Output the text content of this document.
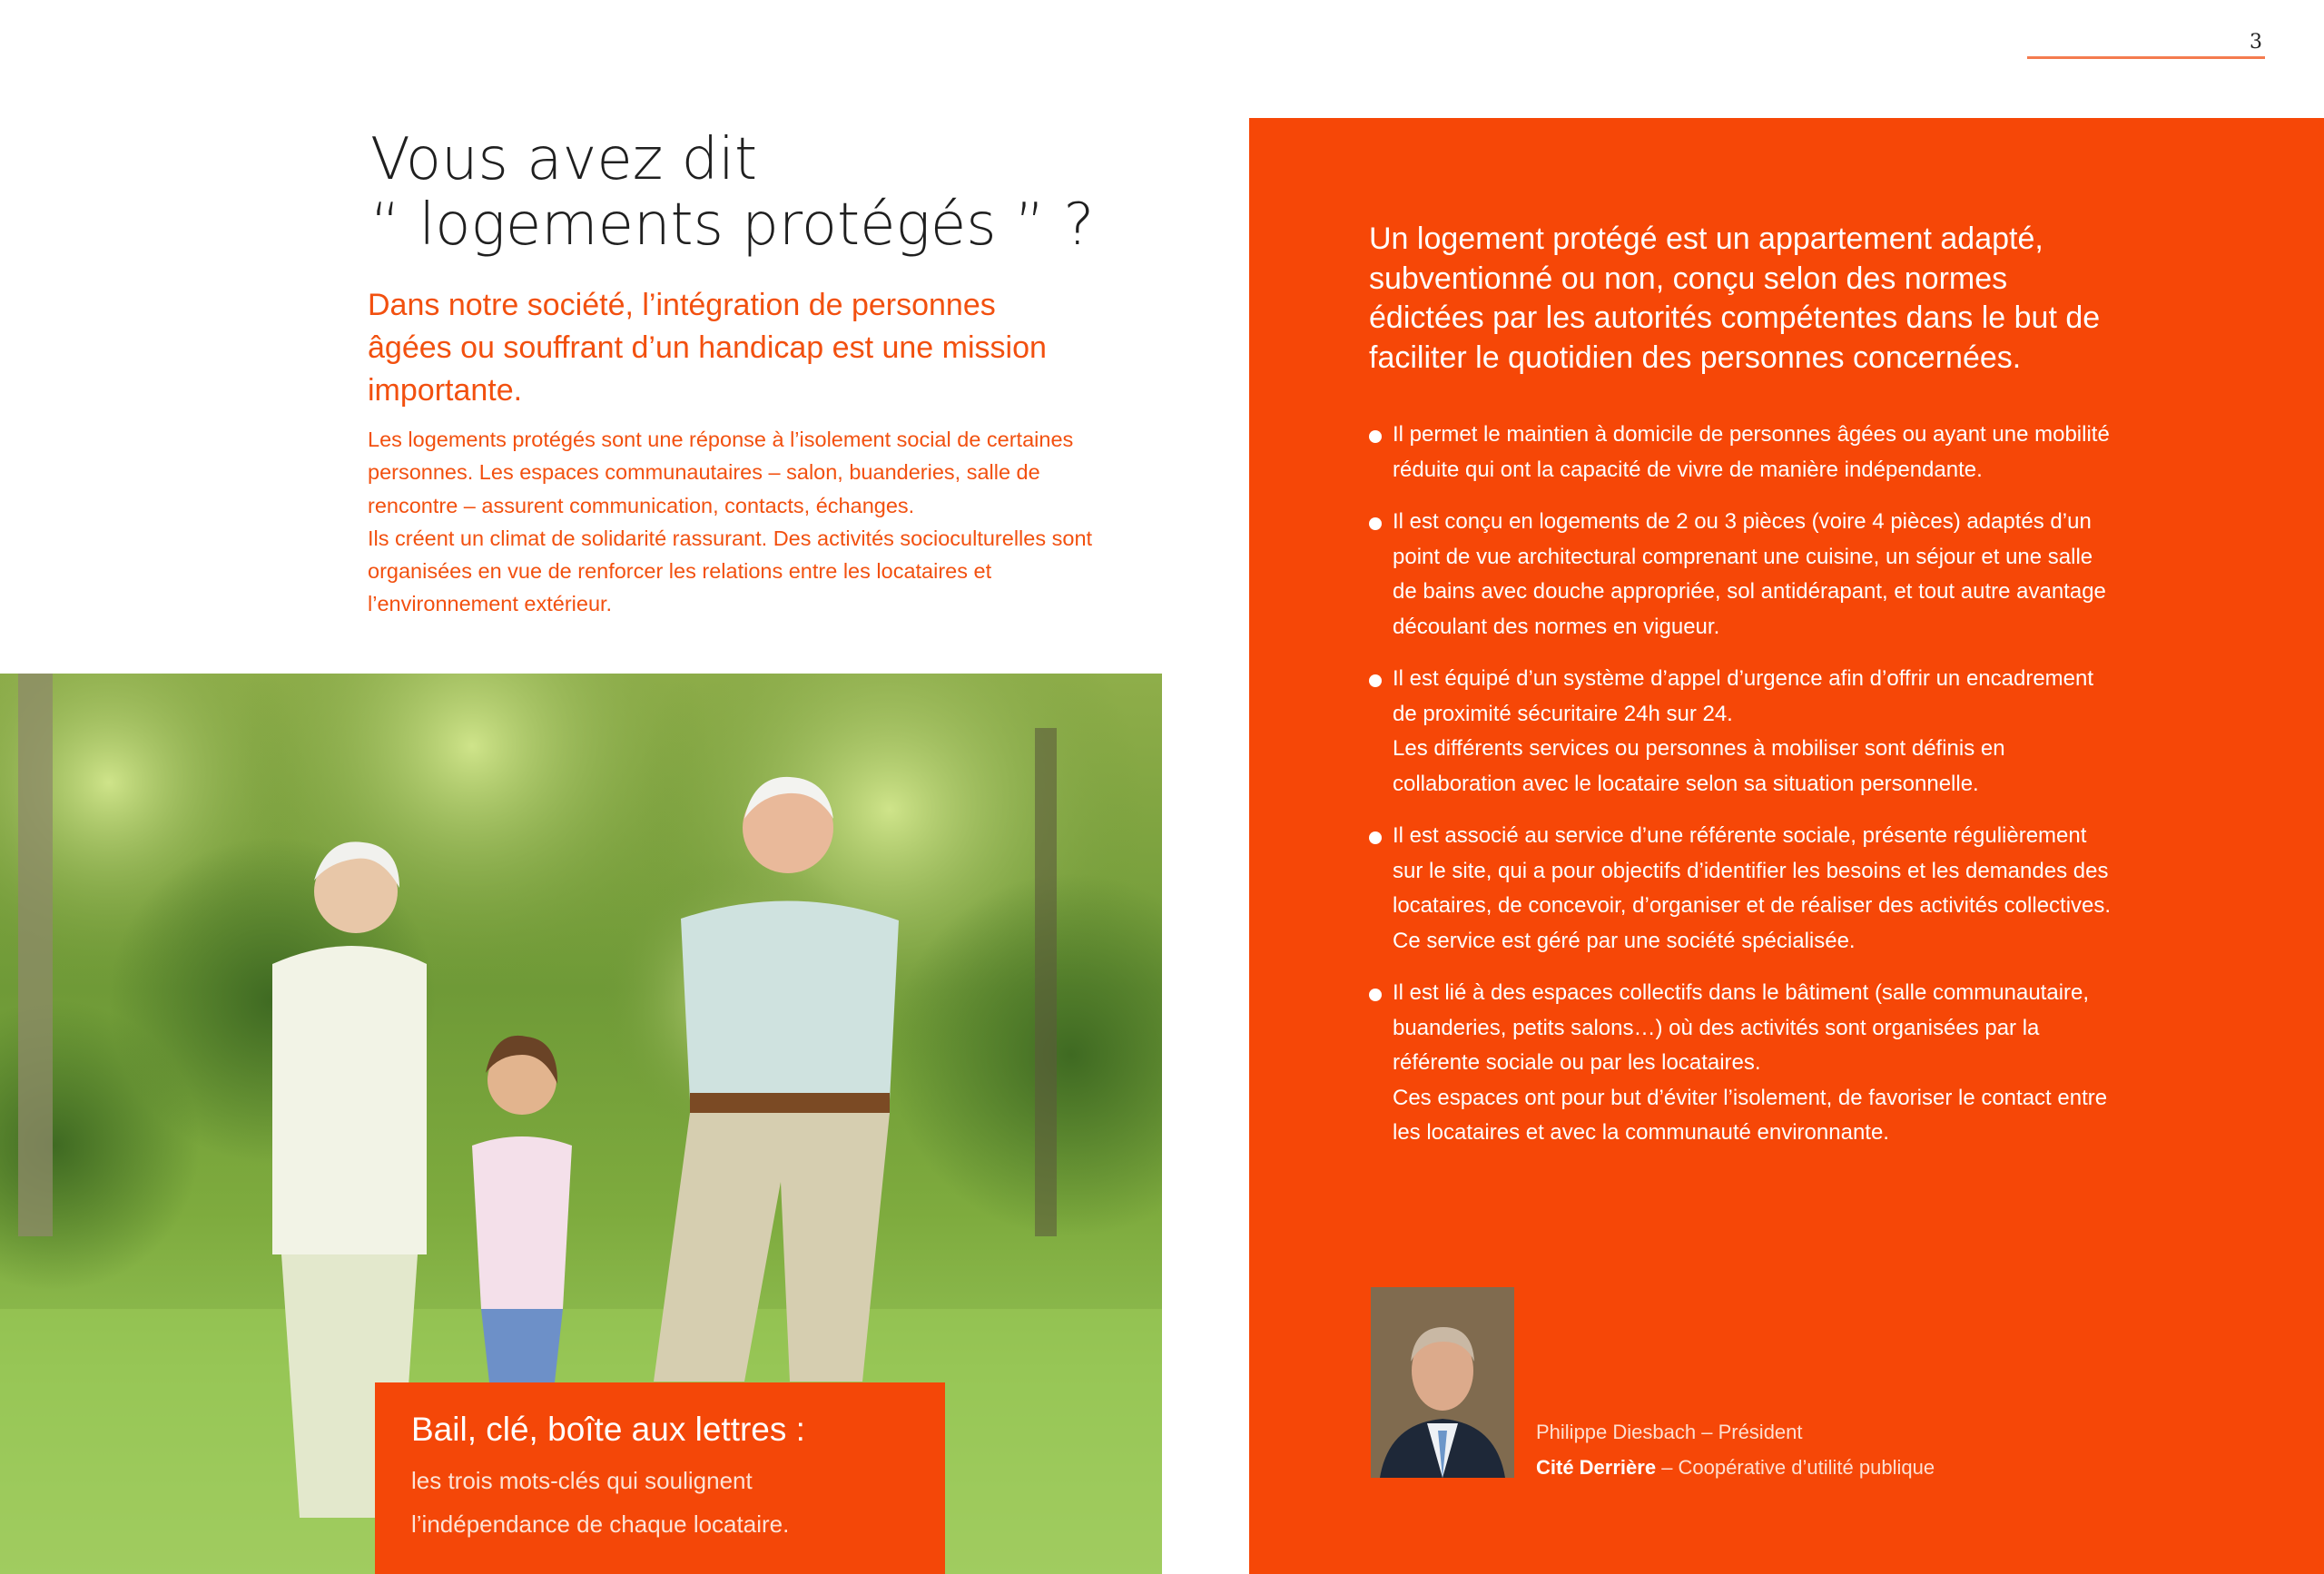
3
Vous avez dit
“ logements protégés ” ?
Dans notre société, l’intégration de personnes âgées ou souffrant d’un handicap est une mission importante.

Les logements protégés sont une réponse à l’isolement social de certaines personnes. Les espaces communautaires – salon, buanderies, salle de rencontre – assurent communication, contacts, échanges.

Ils créent un climat de solidarité rassurant. Des activités socioculturelles sont organisées en vue de renforcer les relations entre les locataires et l’environnement extérieur.

Bail, clé, boîte aux lettres :
les trois mots-clés qui soulignent l’indépendance de chaque locataire.
Un logement protégé est un appartement adapté, subventionné ou non, conçu selon des normes édictées par les autorités compétentes dans le but de faciliter le quotidien des personnes concernées.

Il permet le maintien à domicile de personnes âgées ou ayant une mobilité réduite qui ont la capacité de vivre de manière indépendante.

Il est conçu en logements de 2 ou 3 pièces (voire 4 pièces) adaptés d’un point de vue architectural comprenant une cuisine, un séjour et une salle de bains avec douche appropriée, sol antidérapant, et tout autre avantage découlant des normes en vigueur.

Il est équipé d’un système d’appel d’urgence afin d’offrir un encadrement de proximité sécuritaire 24h sur 24.

Les différents services ou personnes à mobiliser sont définis en collaboration avec le locataire selon sa situation personnelle.

Il est associé au service d’une référente sociale, présente régulièrement sur le site, qui a pour objectifs d’identifier les besoins et les demandes des locataires, de concevoir, d’organiser et de réaliser des activités collectives. Ce service est géré par une société spécialisée.

Il est lié à des espaces collectifs dans le bâtiment (salle communautaire, buanderies, petits salons…) où des activités sont organisées par la référente sociale ou par les locataires.

Ces espaces ont pour but d’éviter l’isolement, de favoriser le contact entre les locataires et avec la communauté environnante.

Philippe Diesbach – Président
Cité Derrière – Coopérative d’utilité publique
